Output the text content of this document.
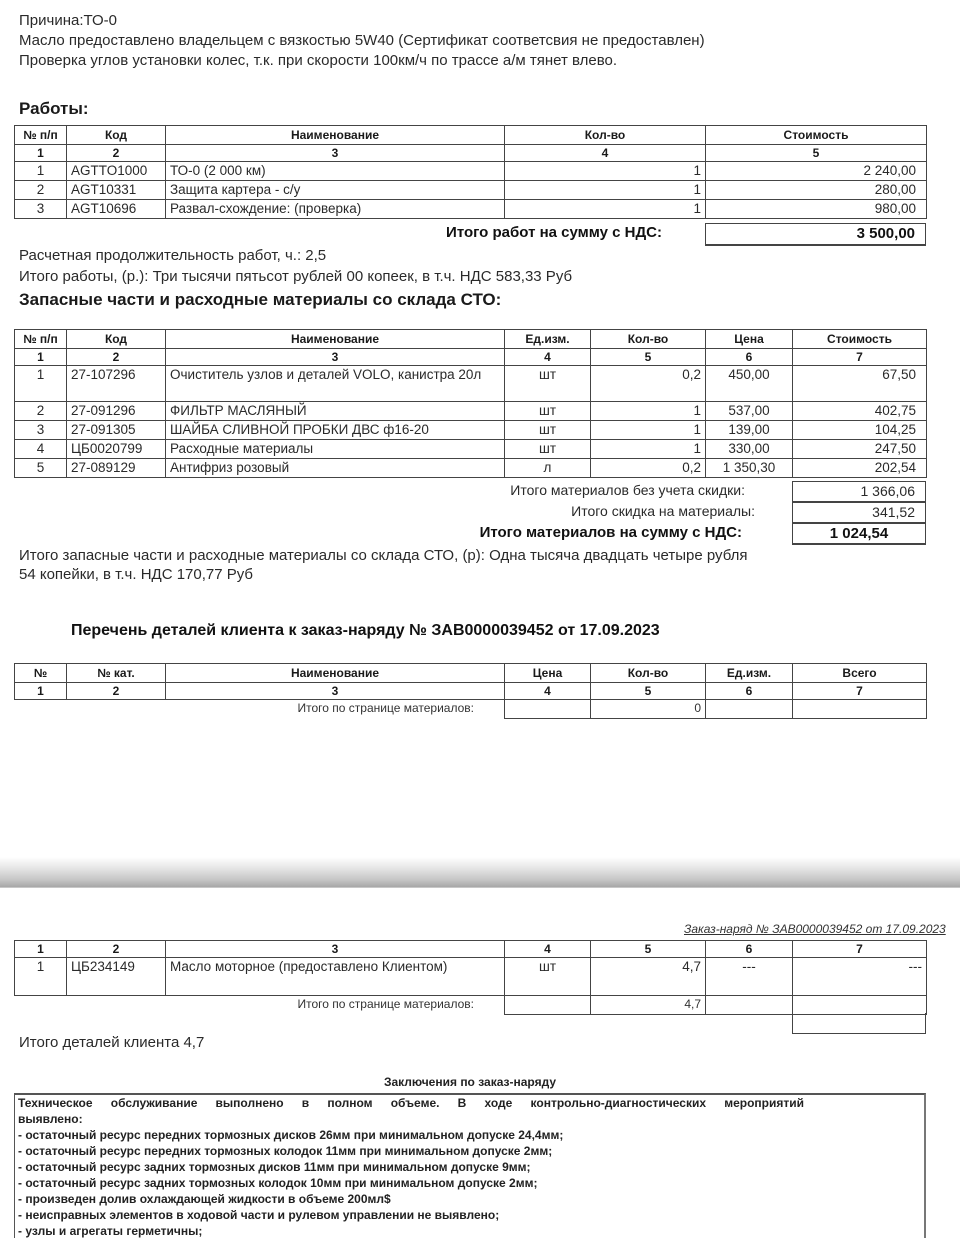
Причина:ТО-0
Масло предоставлено владельцем с вязкостью 5W40 (Сертификат соответсвия не предоставлен)
Проверка углов установки колес, т.к. при скорости 100км/ч по трассе а/м тянет влево.
Работы:
№ п/п	Код	Наименование	Кол-во	Стоимость
1	2	3	4	5
1	AGTTO1000	ТО-0 (2 000 км)	1	2 240,00
2	AGT10331	Защита картера - с/у	1	280,00
3	AGT10696	Развал-схождение: (проверка)	1	980,00
Итого работ на сумму с НДС:	3 500,00
Расчетная продолжительность работ, ч.: 2,5
Итого работы, (р.): Три тысячи пятьсот рублей 00 копеек, в т.ч. НДС 583,33 Руб
Запасные части и расходные материалы со склада СТО:
№ п/п	Код	Наименование	Ед.изм.	Кол-во	Цена	Стоимость
1	2	3	4	5	6	7
1	27-107296	Очиститель узлов и деталей VOLO, канистра 20л	шт	0,2	450,00	67,50
2	27-091296	ФИЛЬТР МАСЛЯНЫЙ	шт	1	537,00	402,75
3	27-091305	ШАЙБА СЛИВНОЙ ПРОБКИ ДВС ф16-20	шт	1	139,00	104,25
4	ЦБ0020799	Расходные материалы	шт	1	330,00	247,50
5	27-089129	Антифриз розовый	л	0,2	1 350,30	202,54
Итого материалов без учета скидки:	1 366,06
Итого скидка на материалы:	341,52
Итого материалов на сумму с НДС:	1 024,54
Итого запасные части и расходные материалы со склада СТО, (р): Одна тысяча двадцать четыре рубля
54 копейки, в т.ч. НДС 170,77 Руб
Перечень деталей клиента к заказ-наряду № ЗАВ0000039452 от 17.09.2023
№	№ кат.	Наименование	Цена	Кол-во	Ед.изм.	Всего
1	2	3	4	5	6	7
		Итого по странице материалов:		0		
Заказ-наряд № ЗАВ0000039452 от 17.09.2023
1	2	3	4	5	6	7
1	ЦБ234149	Масло моторное (предоставлено Клиентом)	шт	4,7	---	---
		Итого по странице материалов:		4,7		
Итого деталей клиента 4,7
Заключения по заказ-наряду
Техническое обслуживание выполнено в полном объеме. В ходе контрольно-диагностических мероприятий
выявлено:
- остаточный ресурс передних тормозных дисков 26мм при минимальном допуске 24,4мм;
- остаточный ресурс передних тормозных колодок 11мм при минимальном допуске 2мм;
- остаточный ресурс задних тормозных дисков 11мм при минимальном допуске 9мм;
- остаточный ресурс задних тормозных колодок 10мм при минимальном допуске 2мм;
- произведен долив охлаждающей жидкости в объеме 200мл$
- неисправных элементов в ходовой части и рулевом управлении не выявлено;
- узлы и агрегаты герметичны;
